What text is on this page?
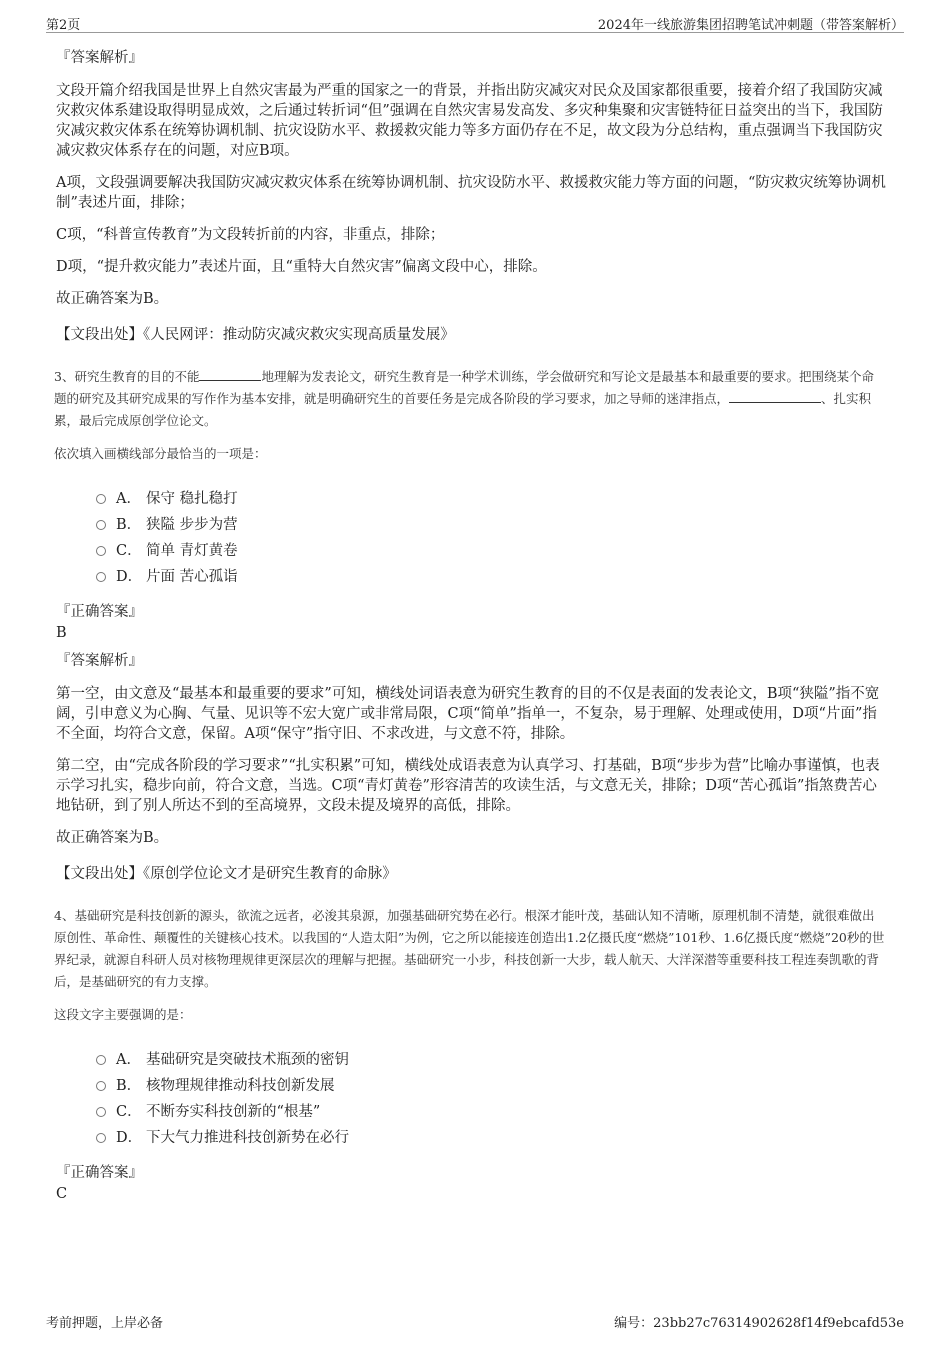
第2页	2024年一线旅游集团招聘笔试冲刺题（带答案解析）
『答案解析』

文段开篇介绍我国是世界上自然灾害最为严重的国家之一的背景，并指出防灾减灾对民众及国家都很重要，接着介绍了我国防灾减灾救灾体系建设取得明显成效，之后通过转折词“但”强调在自然灾害易发高发、多灾种集聚和灾害链特征日益突出的当下，我国防灾减灾救灾体系在统筹协调机制、抗灾设防水平、救援救灾能力等多方面仍存在不足，故文段为分总结构，重点强调当下我国防灾减灾救灾体系存在的问题，对应B项。

A项，文段强调要解决我国防灾减灾救灾体系在统筹协调机制、抗灾设防水平、救援救灾能力等方面的问题，“防灾救灾统筹协调机制”表述片面，排除；

C项，“科普宣传教育”为文段转折前的内容，非重点，排除；

D项，“提升救灾能力”表述片面，且“重特大自然灾害”偏离文段中心，排除。

故正确答案为B。

【文段出处】《人民网评：推动防灾减灾救灾实现高质量发展》
3、研究生教育的目的不能	地理解为发表论文，研究生教育是一种学术训练，学会做研究和写论文是最基本和最重要的要求。把围绕某个命题的研究及其研究成果的写作作为基本安排，就是明确研究生的首要任务是完成各阶段的学习要求，加之导师的迷津指点，	、扎实积累，最后完成原创学位论文。
依次填入画横线部分最恰当的一项是：
A． 保守 稳扎稳打
B． 狭隘 步步为营
C． 简单 青灯黄卷
D． 片面 苦心孤诣
『正确答案』
B
『答案解析』

第一空，由文意及“最基本和最重要的要求”可知，横线处词语表意为研究生教育的目的不仅是表面的发表论文，B项“狭隘”指不宽阔，引申意义为心胸、气量、见识等不宏大宽广或非常局限，C项“简单”指单一，不复杂，易于理解、处理或使用，D项“片面”指不全面，均符合文意，保留。A项“保守”指守旧、不求改进，与文意不符，排除。

第二空，由“完成各阶段的学习要求”“扎实积累”可知，横线处成语表意为认真学习、打基础，B项“步步为营”比喻办事谨慎，也表示学习扎实，稳步向前，符合文意，当选。C项“青灯黄卷”形容清苦的攻读生活，与文意无关，排除；D项“苦心孤诣”指煞费苦心地钻研，到了别人所达不到的至高境界，文段未提及境界的高低，排除。

故正确答案为B。

【文段出处】《原创学位论文才是研究生教育的命脉》
4、基础研究是科技创新的源头，欲流之远者，必浚其泉源，加强基础研究势在必行。根深才能叶茂，基础认知不清晰，原理机制不清楚，就很难做出原创性、革命性、颠覆性的关键核心技术。以我国的“人造太阳”为例，它之所以能接连创造出1.2亿摄氏度“燃烧”101秒、1.6亿摄氏度“燃烧”20秒的世界纪录，就源自科研人员对核物理规律更深层次的理解与把握。基础研究一小步，科技创新一大步，载人航天、大洋深潜等重要科技工程连奏凯歌的背后，是基础研究的有力支撑。
这段文字主要强调的是：
A． 基础研究是突破技术瓶颈的密钥
B． 核物理规律推动科技创新发展
C． 不断夯实科技创新的“根基”
D． 下大气力推进科技创新势在必行
『正确答案』
C
考前押题，上岸必备	编号：23bb27c76314902628f14f9ebcafd53e
